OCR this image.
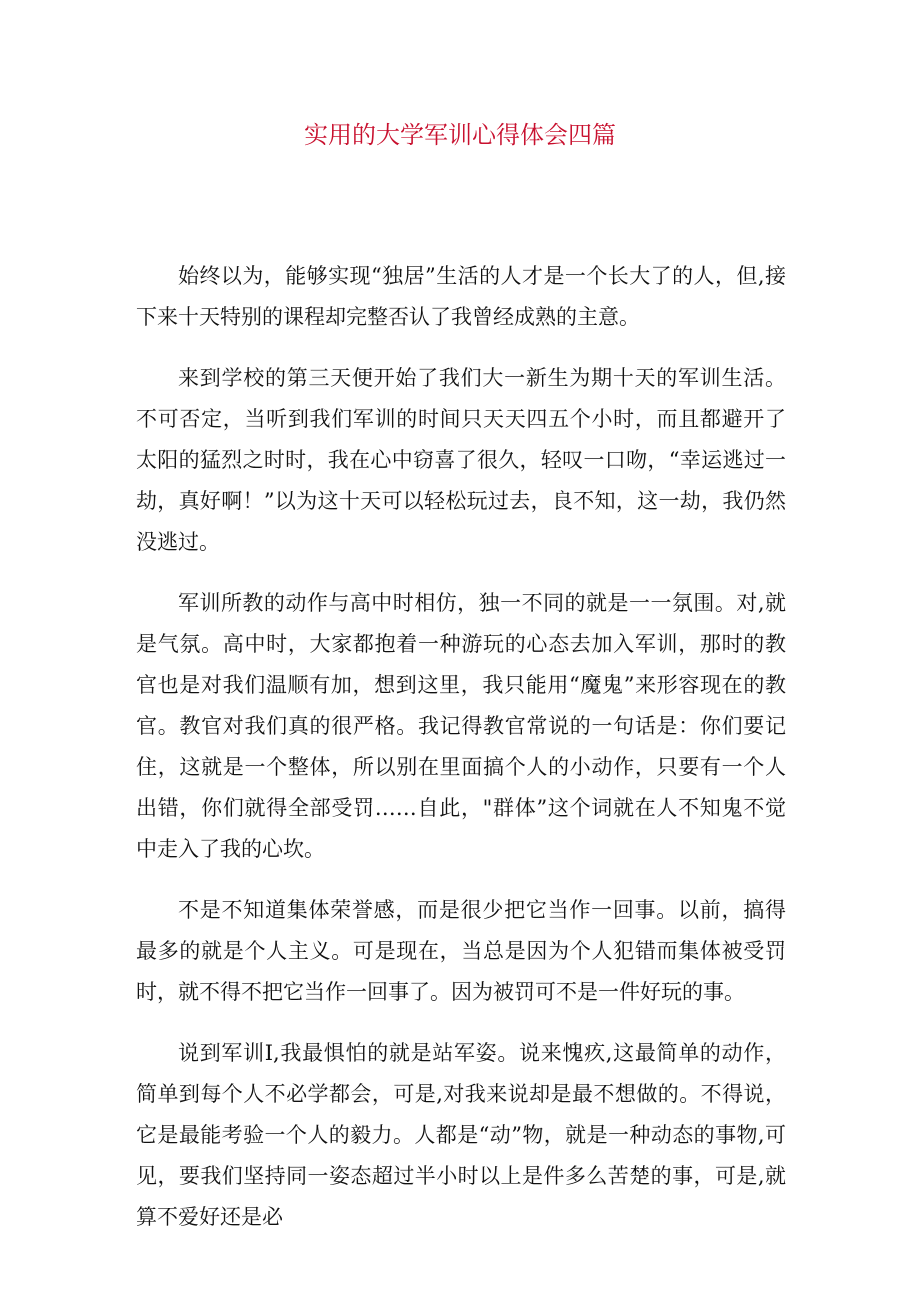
实用的大学军训心得体会四篇

始终以为，能够实现“独居”生活的人才是一个长大了的人，但,接下来十天特别的课程却完整否认了我曾经成熟的主意。

来到学校的第三天便开始了我们大一新生为期十天的军训生活。不可否定，当听到我们军训的时间只天天四五个小时，而且都避开了太阳的猛烈之时时，我在心中窃喜了很久，轻叹一口吻，“幸运逃过一劫，真好啊！”以为这十天可以轻松玩过去，良不知，这一劫，我仍然没逃过。

军训所教的动作与高中时相仿，独一不同的就是一一氛围。对,就是气氛。高中时，大家都抱着一种游玩的心态去加入军训，那时的教官也是对我们温顺有加，想到这里，我只能用“魔鬼”来形容现在的教官。教官对我们真的很严格。我记得教官常说的一句话是：你们要记住，这就是一个整体，所以别在里面搞个人的小动作，只要有一个人出错，你们就得全部受罚……自此，"群体”这个词就在人不知鬼不觉中走入了我的心坎。

不是不知道集体荣誉感，而是很少把它当作一回事。以前，搞得最多的就是个人主义。可是现在，当总是因为个人犯错而集体被受罚时，就不得不把它当作一回事了。因为被罚可不是一件好玩的事。

说到军训I,我最惧怕的就是站军姿。说来愧疚,这最简单的动作，简单到每个人不必学都会，可是,对我来说却是最不想做的。不得说，它是最能考验一个人的毅力。人都是“动”物，就是一种动态的事物,可见，要我们坚持同一姿态超过半小时以上是件多么苦楚的事，可是,就算不爱好还是必
